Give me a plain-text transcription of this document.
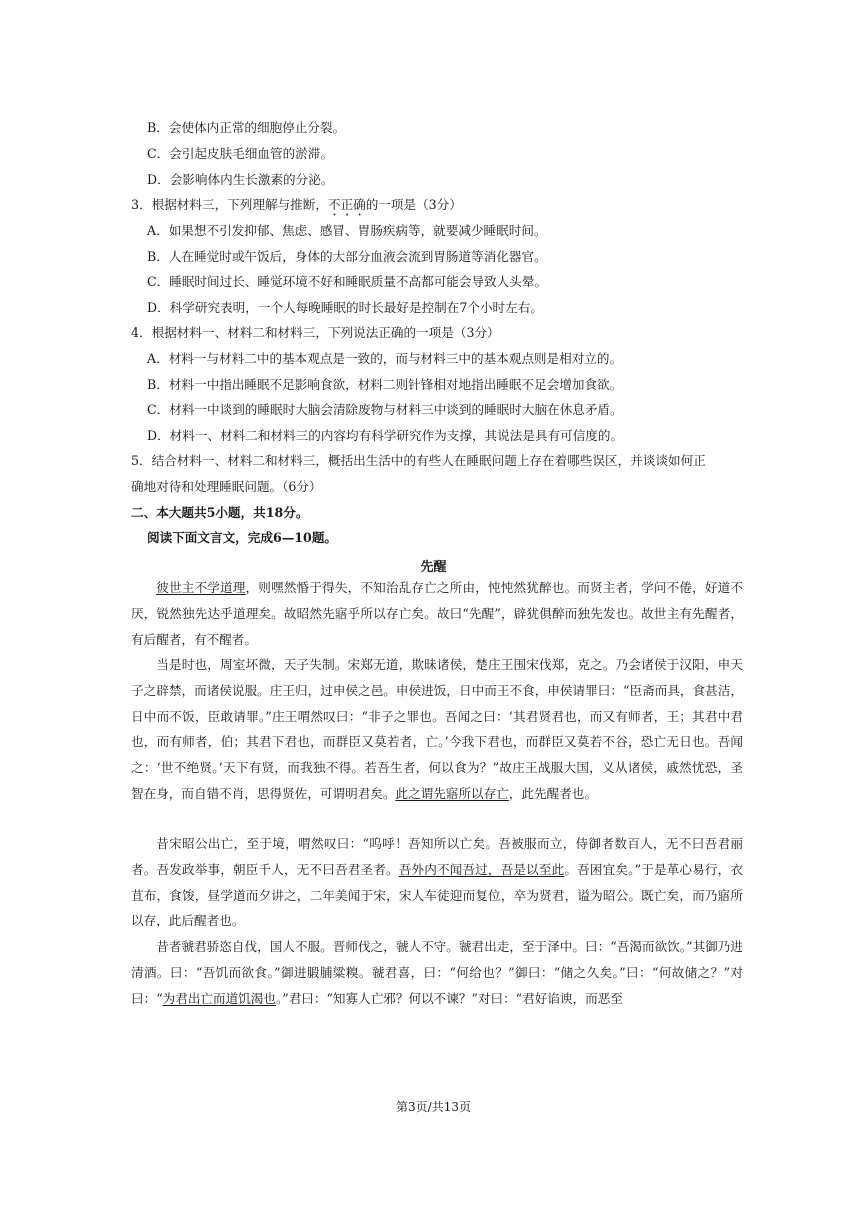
B．会使体内正常的细胞停止分裂。
C．会引起皮肤毛细血管的淤滞。
D．会影响体内生长激素的分泌。
3．根据材料三，下列理解与推断，不正确的一项是（3分）
A．如果想不引发抑郁、焦虑、感冒、胃肠疾病等，就要减少睡眠时间。
B．人在睡觉时或午饭后，身体的大部分血液会流到胃肠道等消化器官。
C．睡眠时间过长、睡觉环境不好和睡眠质量不高都可能会导致人头晕。
D．科学研究表明，一个人每晚睡眠的时长最好是控制在7个小时左右。
4．根据材料一、材料二和材料三，下列说法正确的一项是（3分）
A．材料一与材料二中的基本观点是一致的，而与材料三中的基本观点则是相对立的。
B．材料一中指出睡眠不足影响食欲，材料二则针锋相对地指出睡眠不足会增加食欲。
C．材料一中谈到的睡眠时大脑会清除废物与材料三中谈到的睡眠时大脑在休息矛盾。
D．材料一、材料二和材料三的内容均有科学研究作为支撑，其说法是具有可信度的。
5．结合材料一、材料二和材料三，概括出生活中的有些人在睡眠问题上存在着哪些误区，并谈谈如何正
确地对待和处理睡眠问题。（6分）
二、本大题共5小题，共18分。
阅读下面文言文，完成6—10题。
先醒
彼世主不学道理，则嘿然惛于得失，不知治乱存亡之所由，忳忳然犹醉也。而贤主者，学问不倦，好道不厌，锐然独先达乎道理矣。故昭然先寤乎所以存亡矣。故曰“先醒”，辟犹俱醉而独先发也。故世主有先醒者，有后醒者，有不醒者。
当是时也，周室坏微，天子失制。宋郑无道，欺昧诸侯，楚庄王围宋伐郑，克之。乃会诸侯于汉阳，申天子之辟禁，而诸侯说服。庄王归，过申侯之邑。申侯进饭，日中而王不食，申侯请罪曰：“臣斋而具，食甚洁，日中而不饭，臣敢请罪。”庄王喟然叹曰：“非子之罪也。吾闻之曰：‘其君贤君也，而又有师者，王；其君中君也，而有师者，伯；其君下君也，而群臣又莫若者，亡。’今我下君也，而群臣又莫若不谷，恐亡无日也。吾闻之：‘世不绝贤。’天下有贤，而我独不得。若吾生者，何以食为？”故庄王战服大国，义从诸侯，戚然忧恐，圣智在身，而自错不肖，思得贤佐，可谓明君矣。此之谓先寤所以存亡，此先醒者也。
昔宋昭公出亡，至于境，喟然叹曰：“呜呼！吾知所以亡矣。吾被服而立，侍御者数百人，无不曰吾君丽者。吾发政举事，朝臣千人，无不曰吾君圣者。吾外内不闻吾过，吾是以至此。吾困宜矣。”于是革心易行，衣苴布，食馂，昼学道而夕讲之，二年美闻于宋，宋人车徒迎而复位，卒为贤君，谥为昭公。既亡矣，而乃寤所以存，此后醒者也。
昔者虢君骄恣自伐，国人不服。晋师伐之，虢人不守。虢君出走，至于泽中。曰：“吾渴而欲饮。”其御乃进清酒。曰：“吾饥而欲食。”御进腶脯粱糗。虢君喜，曰：“何给也？”御曰：“储之久矣。”曰：“何故储之？”对曰：“为君出亡而道饥渴也。”君曰：“知寡人亡邪？何以不谏？”对曰：“君好谄谀，而恶至
第3页/共13页
